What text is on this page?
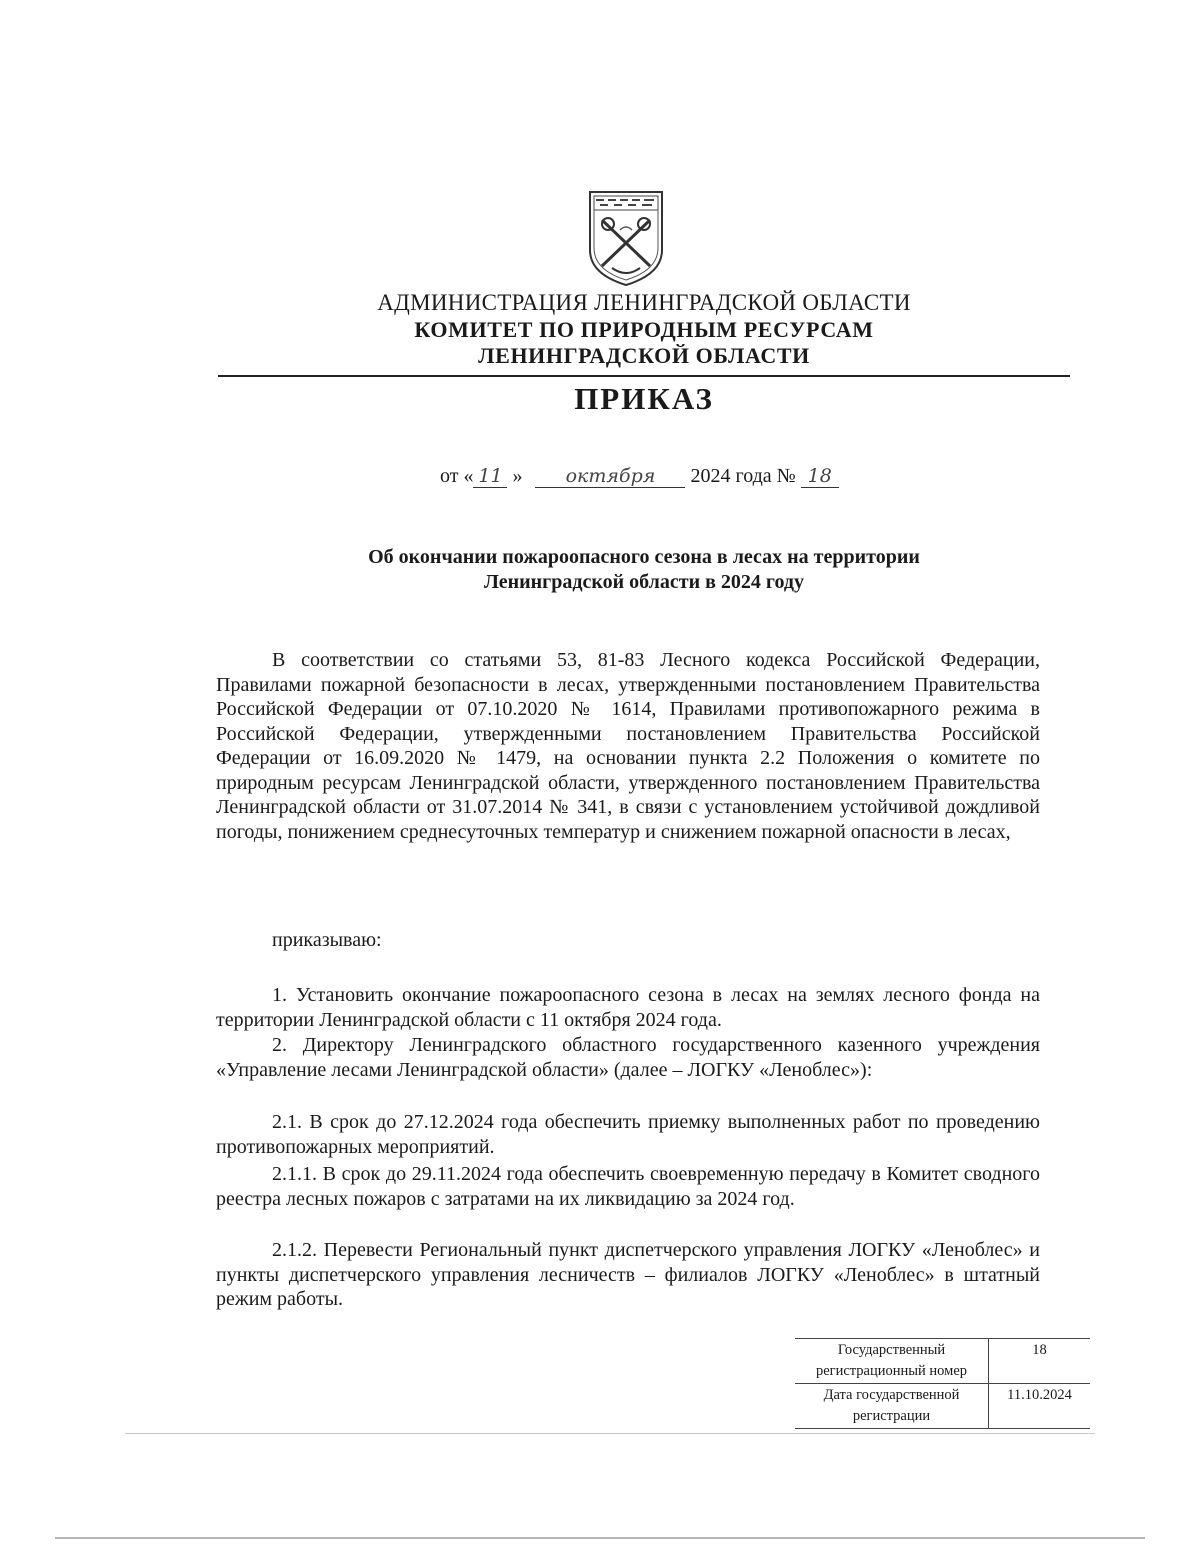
АДМИНИСТРАЦИЯ ЛЕНИНГРАДСКОЙ ОБЛАСТИ
КОМИТЕТ ПО ПРИРОДНЫМ РЕСУРСАМ
ЛЕНИНГРАДСКОЙ ОБЛАСТИ
ПРИКАЗ
от « 11 » октября 2024 года № 18
Об окончании пожароопасного сезона в лесах на территории
Ленинградской области в 2024 году
В соответствии со статьями 53, 81-83 Лесного кодекса Российской Федерации, Правилами пожарной безопасности в лесах, утвержденными постановлением Правительства Российской Федерации от 07.10.2020 № 1614, Правилами противопожарного режима в Российской Федерации, утвержденными постановлением Правительства Российской Федерации от 16.09.2020 № 1479, на основании пункта 2.2 Положения о комитете по природным ресурсам Ленинградской области, утвержденного постановлением Правительства Ленинградской области от 31.07.2014 № 341, в связи с установлением устойчивой дождливой погоды, понижением среднесуточных температур и снижением пожарной опасности в лесах,
приказываю:
1. Установить окончание пожароопасного сезона в лесах на землях лесного фонда на территории Ленинградской области с 11 октября 2024 года.
2. Директору Ленинградского областного государственного казенного учреждения «Управление лесами Ленинградской области» (далее – ЛОГКУ «Леноблес»):
2.1. В срок до 27.12.2024 года обеспечить приемку выполненных работ по проведению противопожарных мероприятий.
2.1.1. В срок до 29.11.2024 года обеспечить своевременную передачу в Комитет сводного реестра лесных пожаров с затратами на их ликвидацию за 2024 год.
2.1.2. Перевести Региональный пункт диспетчерского управления ЛОГКУ «Леноблес» и пункты диспетчерского управления лесничеств – филиалов ЛОГКУ «Леноблес» в штатный режим работы.
Государственный регистрационный номер	18
Дата государственной регистрации	11.10.2024
